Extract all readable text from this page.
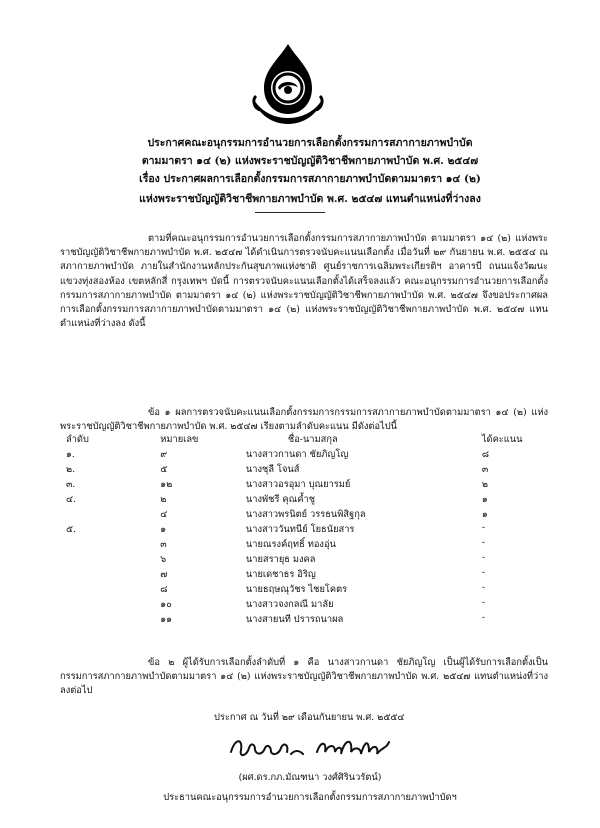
ประกาศคณะอนุกรรมการอำนวยการเลือกตั้งกรรมการสภากายภาพบำบัด
ตามมาตรา ๑๔ (๒) แห่งพระราชบัญญัติวิชาชีพกายภาพบำบัด พ.ศ. ๒๕๔๗
เรื่อง ประกาศผลการเลือกตั้งกรรมการสภากายภาพบำบัดตามมาตรา ๑๔ (๒)
แห่งพระราชบัญญัติวิชาชีพกายภาพบำบัด พ.ศ. ๒๕๔๗ แทนตำแหน่งที่ว่างลง
ตามที่คณะอนุกรรมการอำนวยการเลือกตั้งกรรมการสภากายภาพบำบัด ตามมาตรา ๑๔ (๒) แห่งพระราชบัญญัติวิชาชีพกายภาพบำบัด พ.ศ. ๒๕๔๗ ได้ดำเนินการตรวจนับคะแนนเลือกตั้ง เมื่อวันที่ ๒๙ กันยายน พ.ศ. ๒๕๕๔ ณ สภากายภาพบำบัด ภายในสำนักงานหลักประกันสุขภาพแห่งชาติ ศูนย์ราชการเฉลิมพระเกียรติฯ อาคารบี ถนนแจ้งวัฒนะ แขวงทุ่งสองห้อง เขตหลักสี่ กรุงเทพฯ บัดนี้ การตรวจนับคะแนนเลือกตั้งได้เสร็จลงแล้ว คณะอนุกรรมการอำนวยการเลือกตั้งกรรมการสภากายภาพบำบัด ตามมาตรา ๑๔ (๒) แห่งพระราชบัญญัติวิชาชีพกายภาพบำบัด พ.ศ. ๒๕๔๗ จึงขอประกาศผลการเลือกตั้งกรรมการสภากายภาพบำบัดตามมาตรา ๑๔ (๒) แห่งพระราชบัญญัติวิชาชีพกายภาพบำบัด พ.ศ. ๒๕๔๗ แทนตำแหน่งที่ว่างลง ดังนี้
ข้อ ๑ ผลการตรวจนับคะแนนเลือกตั้งกรรมการกรรมการสภากายภาพบำบัดตามมาตรา ๑๔ (๒) แห่งพระราชบัญญัติวิชาชีพกายภาพบำบัด พ.ศ. ๒๕๔๗ เรียงตามลำดับคะแนน มีดังต่อไปนี้
ลำดับ	หมายเลข	ชื่อ-นามสกุล	ได้คะแนน
๑.	๙	นางสาวกานดา ชัยภิญโญ	๘
๒.	๕	นางชุลี โจนส์	๓
๓.	๑๒	นางสาวอรอุมา บุณยารมย์	๒
๔.	๒	นางพัชรี คุณค้ำชู	๑
	๔	นางสาวพรนิตย์ วรรธนพิสิฐกุล	๑
๕.	๑	นางสาววันทนีย์ โยธนัยสาร	-
	๓	นายณรงค์ฤทธิ์ ทองอุ่น	-
	๖	นายสรายุธ มงคล	-
	๗	นายเดชาธร อิริญ	-
	๘	นายธฤษณุวัชร ไชยโคตร	-
	๑๐	นางสาวจงกลณี มาลัย	-
	๑๑	นางสายนที ปรารถนาผล	-
ข้อ ๒ ผู้ได้รับการเลือกตั้งลำดับที่ ๑ คือ นางสาวกานดา ชัยภิญโญ เป็นผู้ได้รับการเลือกตั้งเป็นกรรมการสภากายภาพบำบัดตามมาตรา ๑๔ (๒) แห่งพระราชบัญญัติวิชาชีพกายภาพบำบัด พ.ศ. ๒๕๔๗ แทนตำแหน่งที่ว่างลงต่อไป
ประกาศ ณ วันที่ ๒๙ เดือนกันยายน พ.ศ. ๒๕๕๔
(ผศ.ดร.กภ.มัณฑนา วงศ์ศิรินวรัตน์)
ประธานคณะอนุกรรมการอำนวยการเลือกตั้งกรรมการสภากายภาพบำบัดฯ
